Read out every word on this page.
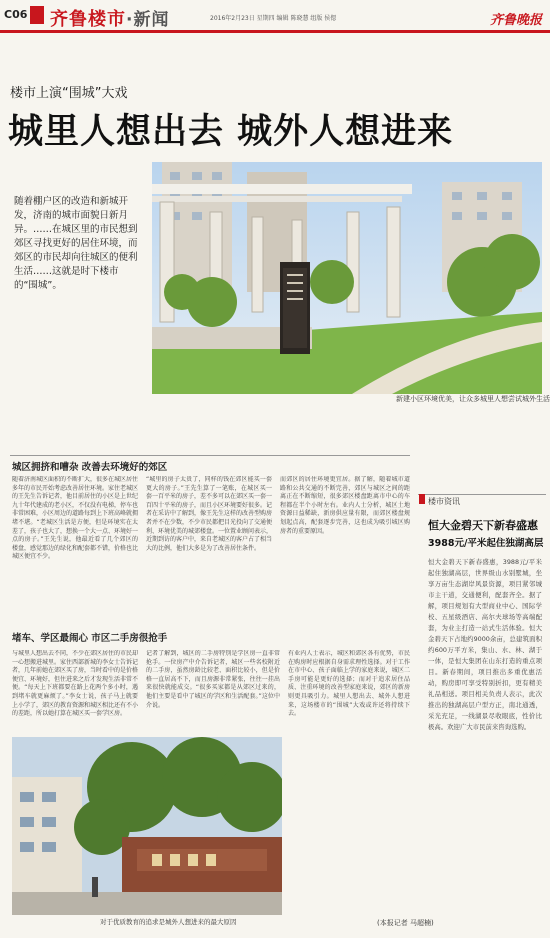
C06 齐鲁楼市·新闻	2016年2月23日 星期四 编辑 陈晓慧 组版 侯偲	齐鲁晚报
楼市上演“围城”大戏
城里人想出去 城外人想进来
随着棚户区的改造和新城开发，济南的城市面貌日新月异。……在城区里的市民想到郊区寻找更好的居住环境，而郊区的市民却向往城区的便利生活……这就是时下楼市的“围城”。
新建小区环境优美，让众多城里人想尝试城外生活
城区拥挤和嘈杂 改善去环境好的郊区
随着济南城区面积的不断扩大，很多在城区居住多年的市民开始考虑改善居住环境。家住老城区的王先生告诉记者，他目前居住的小区是上世纪九十年代建成的老小区，不仅没有电梯，停车也非常困难，小区周边的道路每到上下班高峰就拥堵不堪。“老城区生活是方便，但是环境实在太差了，孩子也大了，想换一个大一点、环境好一点的房子。”王先生说，他最近看了几个郊区的楼盘，感觉那边的绿化和配套都不错，价格也比城区便宜不少。
“城里的房子太贵了，同样的钱在郊区能买一套更大的房子。”王先生算了一笔账，在城区买一套一百平米的房子，差不多可以在郊区买一套一百四十平米的房子，而且小区环境要好很多。记者在采访中了解到，像王先生这样的改善型购房者并不在少数，不少市民都把目光投向了交通便利、环境优美的城郊楼盘。一位置业顾问表示，近期到访的客户中，来自老城区的客户占了相当大的比例，他们大多是为了改善居住条件。
而郊区的居住环境更宜居。据了解，随着城市道路和公共交通的不断完善，郊区与城区之间的距离正在不断缩短，很多郊区楼盘距离市中心的车程都在半个小时左右。业内人士分析，城区土地资源日益稀缺，新房供应量有限，而郊区楼盘规划起点高，配套逐步完善，这也成为吸引城区购房者的重要原因。
堵车、学区最闹心 市区二手房很抢手
与城里人想出去不同，不少在郊区居住的市民却一心想搬进城里。家住西部新城的李女士告诉记者，几年前她在郊区买了房，当时看中的是价格便宜、环境好，但住进来之后才发现生活非常不便。“每天上下班都要在路上花两个多小时，遇到堵车就更麻烦了。”李女士说，孩子马上就要上小学了，郊区的教育资源和城区相比还有不小的差距，所以她打算在城区买一套学区房。
记者了解到，城区的二手房特别是学区房一直非常抢手。一位房产中介告诉记者，城区一些名校附近的二手房，虽然房龄比较老、面积比较小，但是价格一直居高不下，而且房源非常紧张，往往一挂出来很快就能成交。“很多买家都是从郊区过来的，他们主要是看中了城区的学区和生活配套。”这位中介说。
有业内人士表示，城区和郊区各有优势，市民在购房时应根据自身需求理性选择。对于工作在市中心、孩子面临上学的家庭来说，城区二手房可能是更好的选择；而对于追求居住品质、注重环境的改善型家庭来说，郊区的新房则更具吸引力。城里人想出去、城外人想进来，这场楼市的“围城”大戏或许还将持续下去。
对于优质教育的追求是城外人想进来的最大原因	(本报记者 马超楠)
楼市资讯
恒大金碧天下新春盛惠
3988元/平米起住独湖高层
恒大金碧天下新春盛惠，3988元/平米起住独湖高层，世界级山水别墅城，坐享万亩生态湖岸风景资源，项目紧邻城市主干道，交通便利，配套齐全。据了解，项目规划有大型商业中心、国际学校、五星级酒店、高尔夫球场等高端配套，为业主打造一站式生活体验。恒大金碧天下占地约9000余亩，总建筑面积约600万平方米，集山、水、林、湖于一体，是恒大集团在山东打造的重点项目。新春期间，项目推出多重优惠活动，购房即可享受特别折扣，更有精美礼品相送。项目相关负责人表示，此次推出的独湖高层户型方正，南北通透，采光充足，一线湖景尽收眼底，性价比极高。欢迎广大市民前来咨询选购。
